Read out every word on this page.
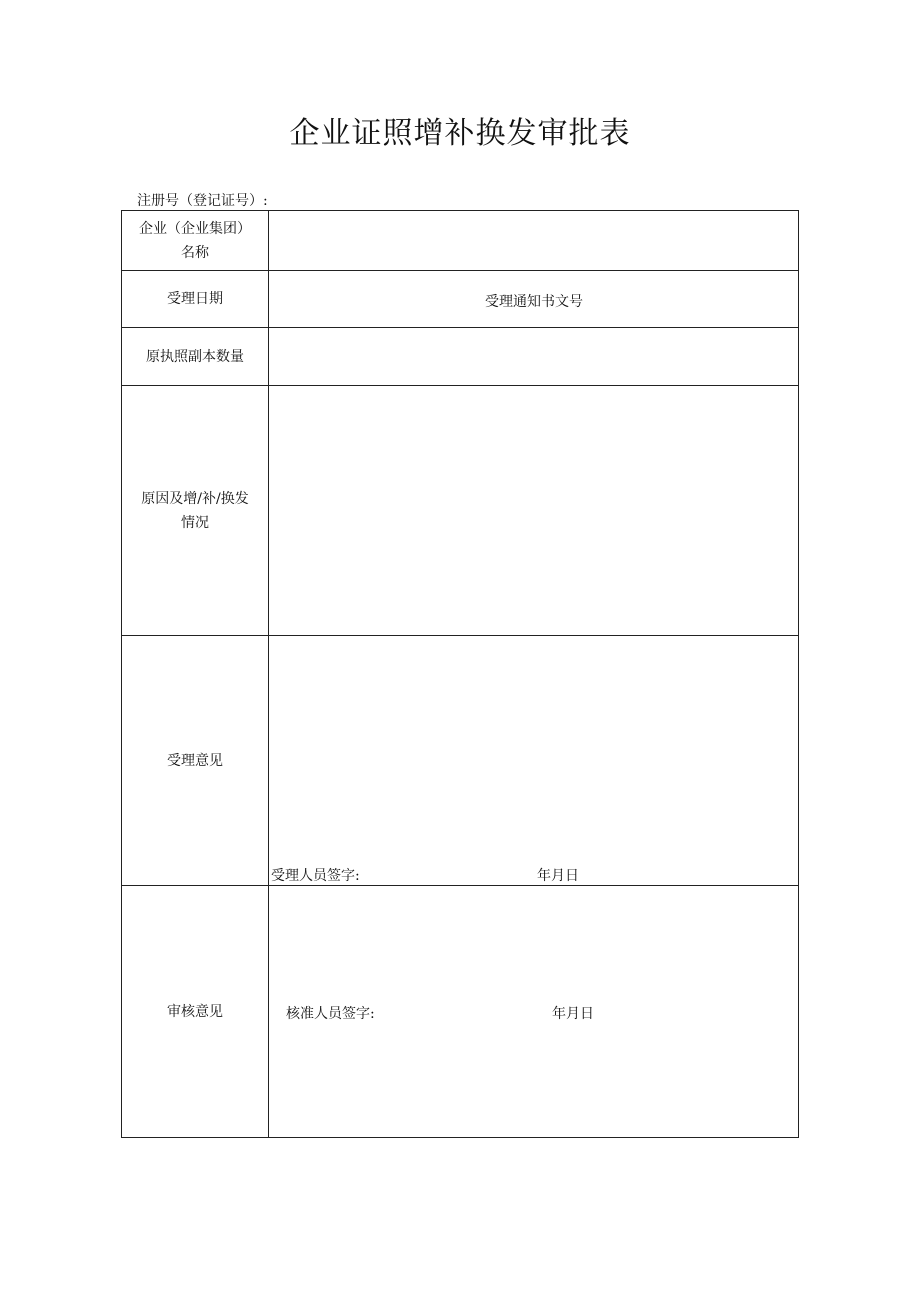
企业证照增补换发审批表
注册号（登记证号）:
企业（企业集团）
名称	

受理日期	受理通知书文号

原执照副本数量	

原因及增/补/换发
情况	

受理意见	受理人员签字: 年月日

审核意见	核准人员签字: 年月日
